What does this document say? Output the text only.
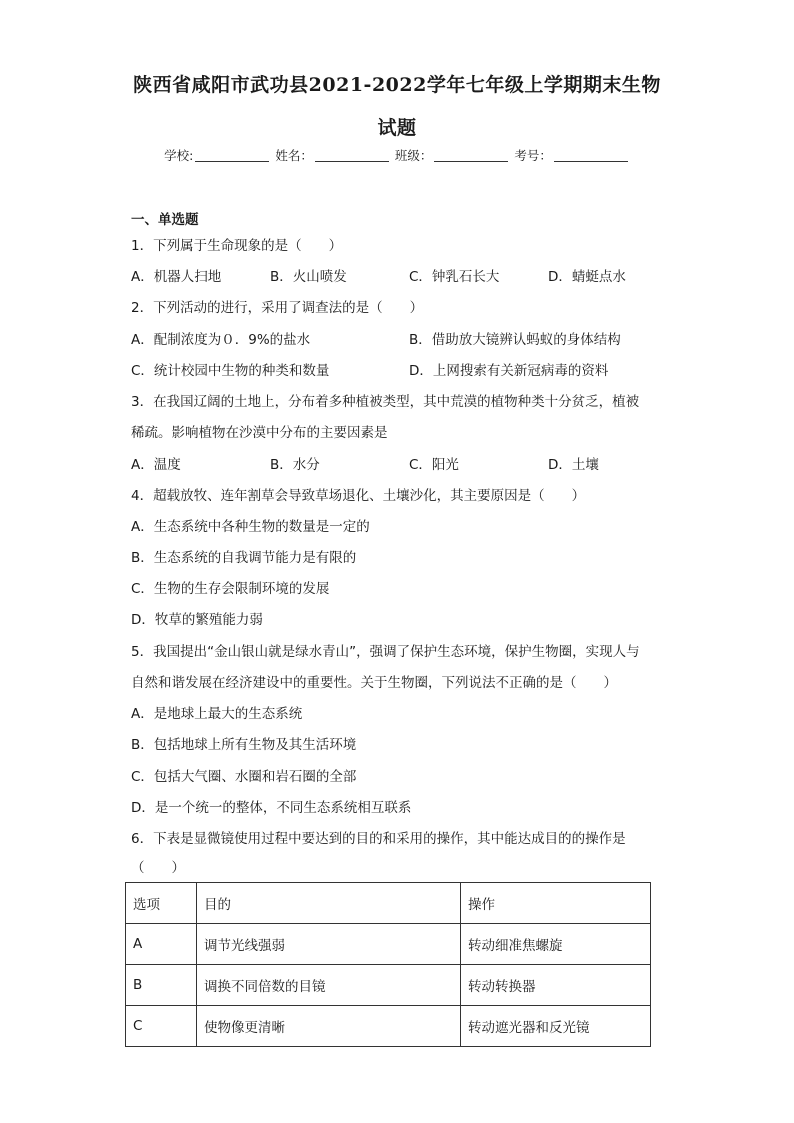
陕西省咸阳市武功县2021-2022学年七年级上学期期末生物
试题
学校:	姓名：	班级：	考号：
一、单选题
1．下列属于生命现象的是（　　）
A．机器人扫地	B．火山喷发	C．钟乳石长大	D．蜻蜓点水
2．下列活动的进行，采用了调查法的是（　　）
A．配制浓度为０．9%的盐水	B．借助放大镜辨认蚂蚁的身体结构
C．统计校园中生物的种类和数量	D．上网搜索有关新冠病毒的资料
3．在我国辽阔的土地上，分布着多种植被类型，其中荒漠的植物种类十分贫乏，植被
稀疏。影响植物在沙漠中分布的主要因素是
A．温度	B．水分	C．阳光	D．土壤
4．超载放牧、连年割草会导致草场退化、土壤沙化，其主要原因是（　　）
A．生态系统中各种生物的数量是一定的
B．生态系统的自我调节能力是有限的
C．生物的生存会限制环境的发展
D．牧草的繁殖能力弱
5．我国提出“金山银山就是绿水青山”，强调了保护生态环境，保护生物圈，实现人与
自然和谐发展在经济建设中的重要性。关于生物圈，下列说法不正确的是（　　）
A．是地球上最大的生态系统
B．包括地球上所有生物及其生活环境
C．包括大气圈、水圈和岩石圈的全部
D．是一个统一的整体，不同生态系统相互联系
6．下表是显微镜使用过程中要达到的目的和采用的操作，其中能达成目的的操作是
（　　）
选项	目的	操作
A	调节光线强弱	转动细准焦螺旋
B	调换不同倍数的目镜	转动转换器
C	使物像更清晰	转动遮光器和反光镜
